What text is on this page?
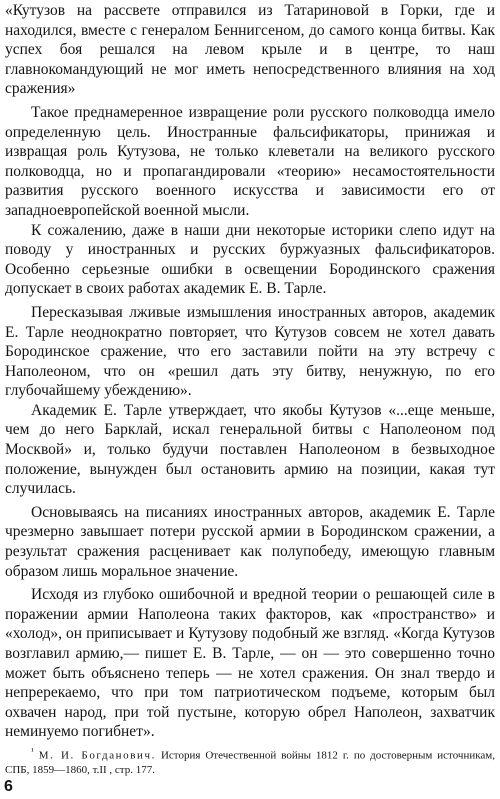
«Кутузов на рассвете отправился из Татариновой в Горки, где и находился, вместе с генералом Беннигсеном, до самого конца битвы. Как успех боя решался на левом крыле и в центре, то наш главнокомандующий не мог иметь непосредственного влияния на ход сражения»

Такое преднамеренное извращение роли русского полководца имело определенную цель. Иностранные фальсификаторы, принижая и извращая роль Кутузова, не только клеветали на великого русского полководца, но и пропагандировали «теорию» несамостоятельности развития русского военного искусства и зависимости его от западноевропейской военной мысли.

К сожалению, даже в наши дни некоторые историки слепо идут на поводу у иностранных и русских буржуазных фальсификаторов. Особенно серьезные ошибки в освещении Бородинского сражения допускает в своих работах академик Е. В. Тарле.

Пересказывая лживые измышления иностранных авторов, академик Е. Тарле неоднократно повторяет, что Кутузов совсем не хотел давать Бородинское сражение, что его заставили пойти на эту встречу с Наполеоном, что он «решил дать эту битву, ненужную, по его глубочайшему убеждению».

Академик Е. Тарле утверждает, что якобы Кутузов «...еще меньше, чем до него Барклай, искал генеральной битвы с Наполеоном под Москвой» и, только будучи поставлен Наполеоном в безвыходное положение, вынужден был остановить армию на позиции, какая тут случилась.

Основываясь на писаниях иностранных авторов, академик Е. Тарле чрезмерно завышает потери русской армии в Бородинском сражении, а результат сражения расценивает как полупобеду, имеющую главным образом лишь моральное значение.

Исходя из глубоко ошибочной и вредной теории о решающей силе в поражении армии Наполеона таких факторов, как «пространство» и «холод», он приписывает и Кутузову подобный же взгляд. «Когда Кутузов возглавил армию,— пишет Е. В. Тарле, — он — это совершенно точно может быть объяснено теперь — не хотел сражения. Он знал твердо и непререкаемо, что при том патриотическом подъеме, которым был охвачен народ, при той пустыне, которую обрел Наполеон, захватчик неминуемо погибнет».

$^{^1}$ М. И. Богданович. История Отечественной войны 1812 г. по достоверным источникам, СПБ, 1859—1860, т.II , стр. 177.
6
